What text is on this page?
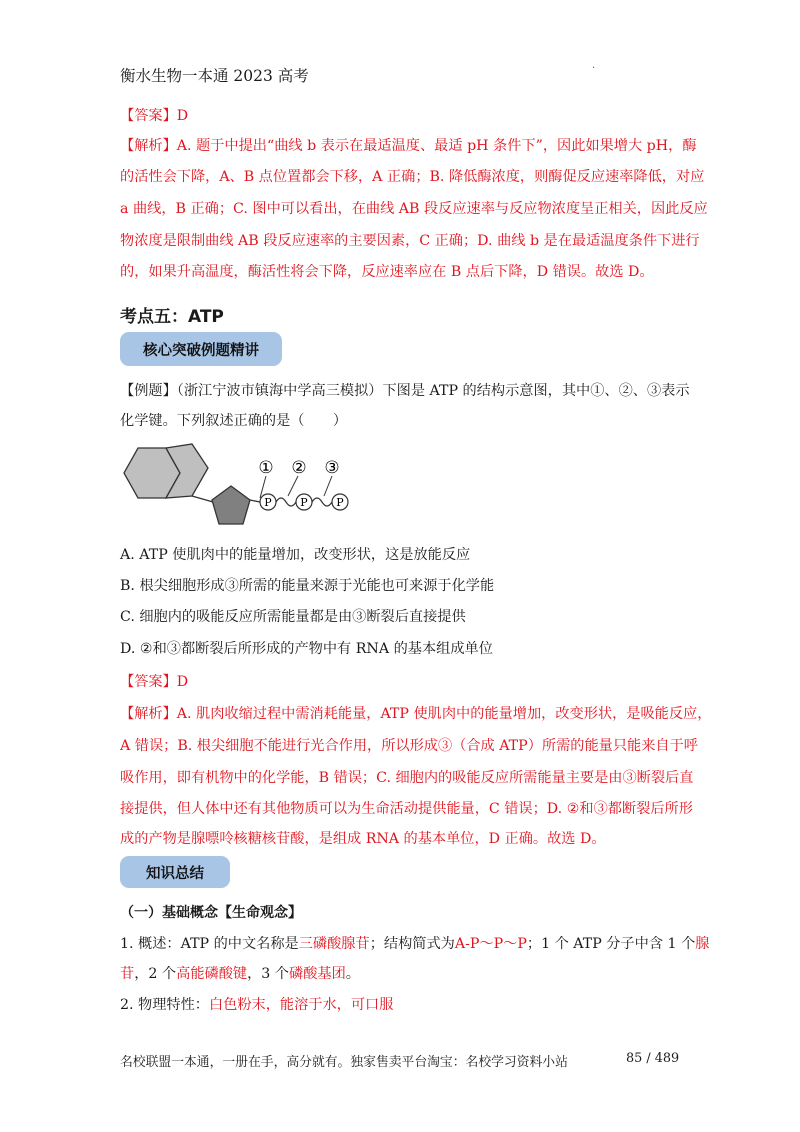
衡水生物一本通 2023 高考
.
【答案】D
【解析】A. 题于中提出“曲线 b 表示在最适温度、最适 pH 条件下”，因此如果增大 pH，酶
的活性会下降，A、B 点位置都会下移，A 正确；B. 降低酶浓度，则酶促反应速率降低，对应
a 曲线，B 正确；C. 图中可以看出，在曲线 AB 段反应速率与反应物浓度呈正相关，因此反应
物浓度是限制曲线 AB 段反应速率的主要因素，C 正确；D. 曲线 b 是在最适温度条件下进行
的，如果升高温度，酶活性将会下降，反应速率应在 B 点后下降，D 错误。故选 D。
考点五：ATP
核心突破例题精讲
【例题】（浙江宁波市镇海中学高三模拟）下图是 ATP 的结构示意图，其中①、②、③表示
化学键。下列叙述正确的是（　　）
P	P	P
① ② ③
A. ATP 使肌肉中的能量增加，改变形状，这是放能反应
B. 根尖细胞形成③所需的能量来源于光能也可来源于化学能
C. 细胞内的吸能反应所需能量都是由③断裂后直接提供
D. ②和③都断裂后所形成的产物中有 RNA 的基本组成单位
【答案】D
【解析】A. 肌肉收缩过程中需消耗能量，ATP 使肌肉中的能量增加，改变形状，是吸能反应，
A 错误；B. 根尖细胞不能进行光合作用，所以形成③（合成 ATP）所需的能量只能来自于呼
吸作用，即有机物中的化学能，B 错误；C. 细胞内的吸能反应所需能量主要是由③断裂后直
接提供，但人体中还有其他物质可以为生命活动提供能量，C 错误；D. ②和③都断裂后所形
成的产物是腺嘌呤核糖核苷酸，是组成 RNA 的基本单位，D 正确。故选 D。
知识总结
（一）基础概念【生命观念】
1. 概述：ATP 的中文名称是三磷酸腺苷；结构简式为A-P～P～P；1 个 ATP 分子中含 1 个腺
苷，2 个高能磷酸键，3 个磷酸基团。
2. 物理特性：白色粉末，能溶于水，可口服
名校联盟一本通，一册在手，高分就有。独家售卖平台淘宝：名校学习资料小站	85 / 489
